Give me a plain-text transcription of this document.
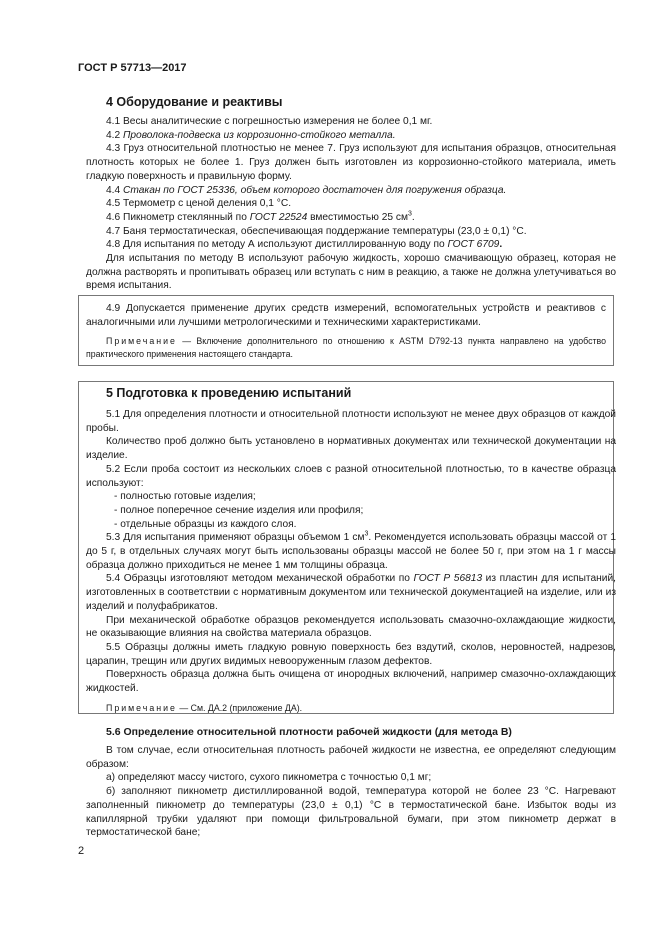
ГОСТ Р 57713—2017
4 Оборудование и реактивы

4.1 Весы аналитические с погрешностью измерения не более 0,1 мг.

4.2 Проволока-подвеска из коррозионно-стойкого металла.

4.3 Груз относительной плотностью не менее 7. Груз используют для испытания образцов, относительная плотность которых не более 1. Груз должен быть изготовлен из коррозионно-стойкого материала, иметь гладкую поверхность и правильную форму.

4.4 Стакан по ГОСТ 25336, объем которого достаточен для погружения образца.

4.5 Термометр с ценой деления 0,1 °С.

4.6 Пикнометр стеклянный по ГОСТ 22524 вместимостью 25 $см^3$.

4.7 Баня термостатическая, обеспечивающая поддержание температуры (23,0 ± 0,1) °С.

4.8 Для испытания по методу А используют дистиллированную воду по ГОСТ 6709.

Для испытания по методу В используют рабочую жидкость, хорошо смачивающую образец, которая не должна растворять и пропитывать образец или вступать с ним в реакцию, а также не должна улетучиваться во время испытания.

4.9 Допускается применение других средств измерений, вспомогательных устройств и реактивов с аналогичными или лучшими метрологическими и техническими характеристиками.

Примечание — Включение дополнительного по отношению к ASTM D792-13 пункта направлено на удобство практического применения настоящего стандарта.

5 Подготовка к проведению испытаний

5.1 Для определения плотности и относительной плотности используют не менее двух образцов от каждой пробы.

Количество проб должно быть установлено в нормативных документах или технической документации на изделие.

5.2 Если проба состоит из нескольких слоев с разной относительной плотностью, то в качестве образца используют:

- полностью готовые изделия;

- полное поперечное сечение изделия или профиля;

- отдельные образцы из каждого слоя.

5.3 Для испытания применяют образцы объемом 1 $см^3$. Рекомендуется использовать образцы массой от 1 до 5 г, в отдельных случаях могут быть использованы образцы массой не более 50 г, при этом на 1 г массы образца должно приходиться не менее 1 мм толщины образца.

5.4 Образцы изготовляют методом механической обработки по ГОСТ Р 56813 из пластин для испытаний, изготовленных в соответствии с нормативным документом или технической документацией на изделие, или из изделий и полуфабрикатов.

При механической обработке образцов рекомендуется использовать смазочно-охлаждающие жидкости, не оказывающие влияния на свойства материала образцов.

5.5 Образцы должны иметь гладкую ровную поверхность без вздутий, сколов, неровностей, надрезов, царапин, трещин или других видимых невооруженным глазом дефектов.

Поверхность образца должна быть очищена от инородных включений, например смазочно-охлаждающих жидкостей.

Примечание — См. ДА.2 (приложение ДА).

5.6 Определение относительной плотности рабочей жидкости (для метода В)

В том случае, если относительная плотность рабочей жидкости не известна, ее определяют следующим образом:

а) определяют массу чистого, сухого пикнометра с точностью 0,1 мг;

б) заполняют пикнометр дистиллированной водой, температура которой не более 23 °С. Нагревают заполненный пикнометр до температуры (23,0 ± 0,1) °С в термостатической бане. Избыток воды из капиллярной трубки удаляют при помощи фильтровальной бумаги, при этом пикнометр держат в термостатической бане;

2
